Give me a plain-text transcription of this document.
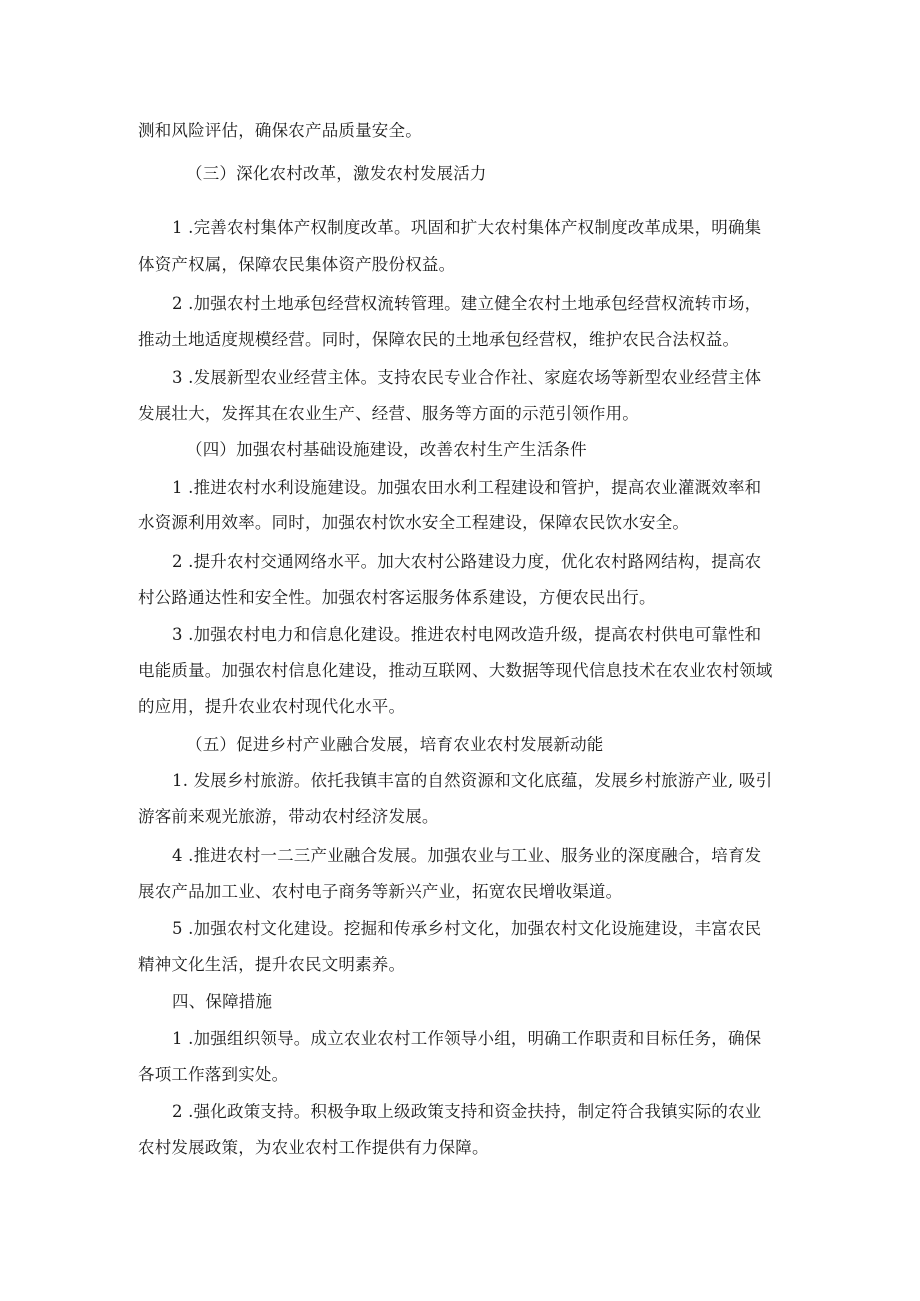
测和风险评估，确保农产品质量安全。
（三）深化农村改革，激发农村发展活力
1 .完善农村集体产权制度改革。巩固和扩大农村集体产权制度改革成果，明确集
体资产权属，保障农民集体资产股份权益。
2 .加强农村土地承包经营权流转管理。建立健全农村土地承包经营权流转市场，
推动土地适度规模经营。同时，保障农民的土地承包经营权，维护农民合法权益。
3 .发展新型农业经营主体。支持农民专业合作社、家庭农场等新型农业经营主体
发展壮大，发挥其在农业生产、经营、服务等方面的示范引领作用。
（四）加强农村基础设施建设，改善农村生产生活条件
1 .推进农村水利设施建设。加强农田水利工程建设和管护，提高农业灌溉效率和
水资源利用效率。同时，加强农村饮水安全工程建设，保障农民饮水安全。
2 .提升农村交通网络水平。加大农村公路建设力度，优化农村路网结构，提高农
村公路通达性和安全性。加强农村客运服务体系建设，方便农民出行。
3 .加强农村电力和信息化建设。推进农村电网改造升级，提高农村供电可靠性和
电能质量。加强农村信息化建设，推动互联网、大数据等现代信息技术在农业农村领域
的应用，提升农业农村现代化水平。
（五）促进乡村产业融合发展，培育农业农村发展新动能
1. 发展乡村旅游。依托我镇丰富的自然资源和文化底蕴，发展乡村旅游产业, 吸引
游客前来观光旅游，带动农村经济发展。
4 .推进农村一二三产业融合发展。加强农业与工业、服务业的深度融合，培育发
展农产品加工业、农村电子商务等新兴产业，拓宽农民增收渠道。
5 .加强农村文化建设。挖掘和传承乡村文化，加强农村文化设施建设，丰富农民
精神文化生活，提升农民文明素养。
四、保障措施
1 .加强组织领导。成立农业农村工作领导小组，明确工作职责和目标任务，确保
各项工作落到实处。
2 .强化政策支持。积极争取上级政策支持和资金扶持，制定符合我镇实际的农业
农村发展政策，为农业农村工作提供有力保障。
